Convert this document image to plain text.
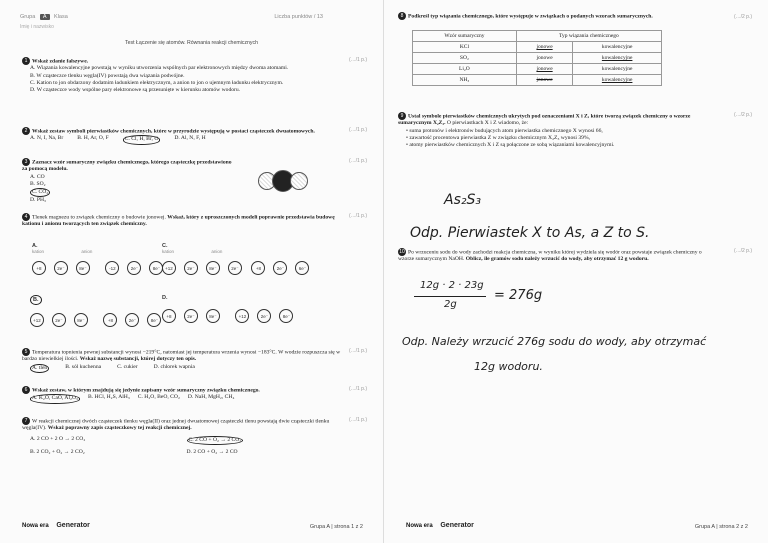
Grupa A Klasa	Liczba punktów / 13
Imię i nazwisko
Test Łączenie się atomów. Równania reakcji chemicznych
(…/1 p.)
1 Wskaż zdanie fałszywe.
A. Wiązania kowalencyjne powstają w wyniku utworzenia wspólnych par elektronowych między dwoma atomami.
B. W cząsteczce tlenku węgla(IV) powstają dwa wiązania podwójne.
C. Kation to jon obdarzony dodatnim ładunkiem elektrycznym, a anion to jon o ujemnym ładunku elektrycznym.
D. W cząsteczce wody wspólne pary elektronowe są przesunięte w kierunku atomów wodoru.
(…/1 p.)
2 Wskaż zestaw symboli pierwiastków chemicznych, które w przyrodzie występują w postaci cząsteczek dwuatomowych.
A. N, I, Na, Br	B. H, Ar, O, F	C. Cl, H, Br, O	D. Al, N, F, H
(…/1 p.)
3 Zaznacz wzór sumaryczny związku chemicznego, którego cząsteczkę przedstawiono za pomocą modelu.
A. CO
B. SO₂
C. CO₂
D. PH₃
(…/1 p.)
4 Tlenek magnezu to związek chemiczny o budowie jonowej. Wskaż, który z uproszczonych modeli poprawnie przedstawia budowę kationu i anionu tworzących ten związek chemiczny.
A.
kation	anion
+8	2e⁻	8e⁻	-12	2e⁻	8e⁻
C.
kation	anion
+12	2e⁻	8e⁻	2e⁻	+8	2e⁻	6e⁻
B.
+12	2e⁻	8e⁻	+8	2e⁻	8e⁻
D.
+8	2e⁻	8e⁻	+12	2e⁻	8e⁻
(…/1 p.)
5 Temperatura topnienia pewnej substancji wynosi −219°C, natomiast jej temperatura wrzenia wynosi −183°C. W wodzie rozpuszcza się w bardzo niewielkiej ilości. Wskaż nazwę substancji, której dotyczy ten opis.
A. tlen	B. sól kuchenna	C. cukier	D. chlorek wapnia
(…/1 p.)
6 Wskaż zestaw, w którym znajdują się jedynie zapisany wzór sumaryczny związku chemicznego.
A. K₂O, CaO, Al₂O₃	B. HCl, H₂S, AlH₃ C. H₂O, BeO, CO₂ D. NaH, MgH₂, CH₄
(…/1 p.)
7 W reakcji chemicznej dwóch cząsteczek tlenku węgla(II) oraz jednej dwuatomowej cząsteczki tlenu powstają dwie cząsteczki tlenku węgla(IV). Wskaż poprawny zapis cząsteczkowy tej reakcji chemicznej.
A. 2 CO + 2 O → 2 CO₂	C. 2 CO + O₂ → 2 CO₂
B. 2 CO₂ + O₂ → 2 CO₂	D. 2 CO + O₂ → 2 CO
Nowa era Generator	Grupa A | strona 1 z 2
(…/2 p.)
8 Podkreśl typ wiązania chemicznego, które występuje w związkach o podanych wzorach sumarycznych.
Wzór sumaryczny	Typ wiązania chemicznego	
KCl	jonowe	kowalencyjne
SO₂	jonowe	kowalencyjne
Li₂O	jonowe	kowalencyjne
NH₃	jonowe	kowalencyjne
(…/2 p.)
9 Ustal symbole pierwiastków chemicznych ukrytych pod oznaczeniami X i Z, które tworzą związek chemiczny o wzorze sumarycznym X₂Z₃. O pierwiastkach X i Z wiadomo, że:
• suma protonów i elektronów budujących atom pierwiastka chemicznego X wynosi 66,
• zawartość procentowa pierwiastka Z w związku chemicznym X₂Z₃ wynosi 39%,
• atomy pierwiastków chemicznych X i Z są połączone ze sobą wiązaniami kowalencyjnymi.
As₂S₃
Odp. Pierwiastek X to As, a Z to S.
(…/2 p.)
10 Po wrzuceniu sodu do wody zachodzi reakcja chemiczna, w wyniku której wydziela się wodór oraz powstaje związek chemiczny o wzorze sumarycznym NaOH. Oblicz, ile gramów sodu należy wrzucić do wody, aby otrzymać 12 g wodoru.
12g · 2 · 23g
2g
= 276g
Odp. Należy wrzucić 276g sodu do wody, aby otrzymać
12g wodoru.
Nowa era Generator	Grupa A | strona 2 z 2
